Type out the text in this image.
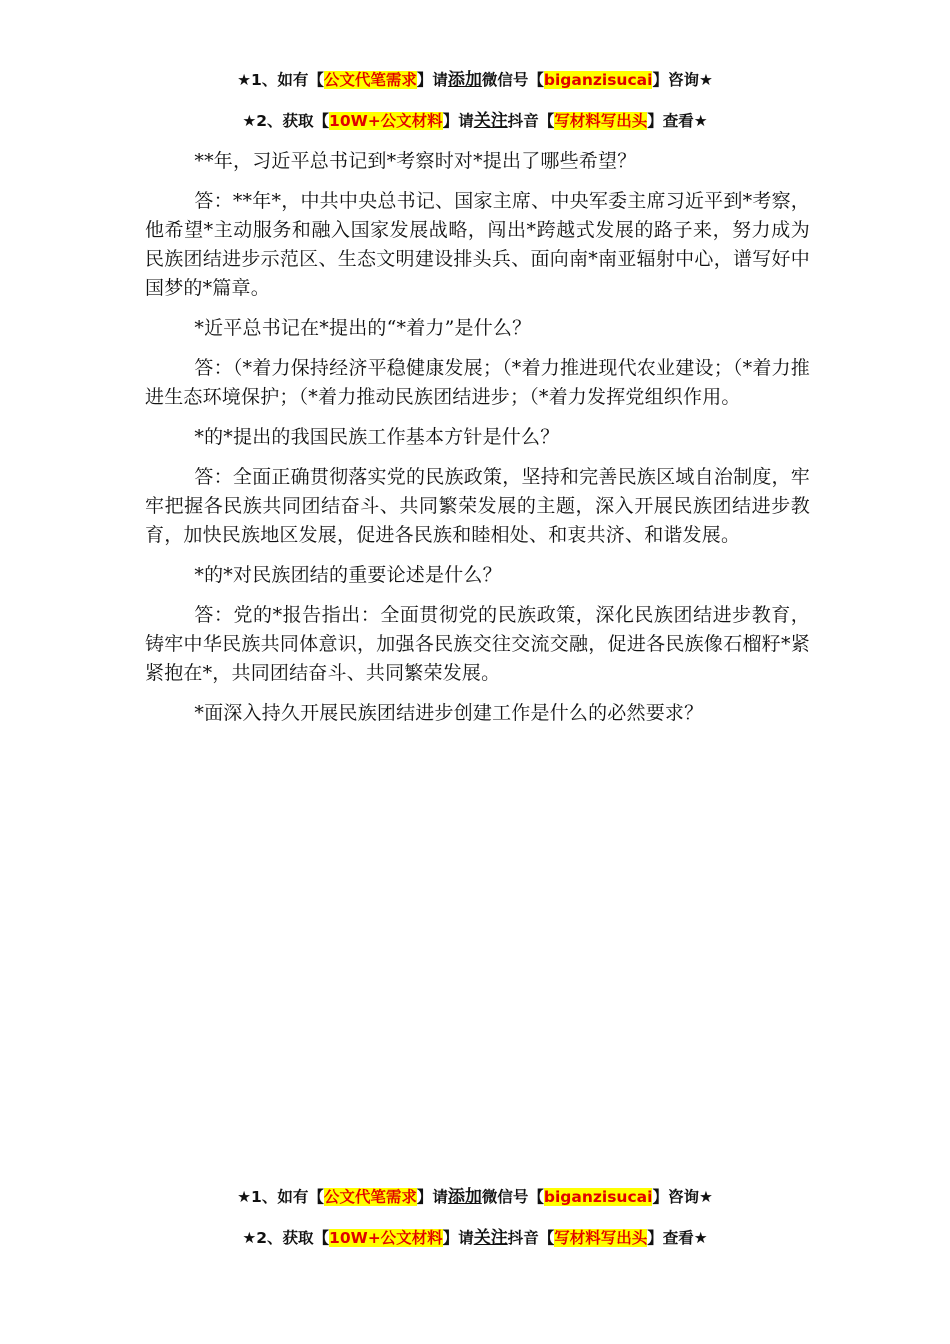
★1、如有【公文代笔需求】请添加微信号【biganzisucai】咨询★
★2、获取【10W+公文材料】请关注抖音【写材料写出头】查看★

**年，习近平总书记到*考察时对*提出了哪些希望？

答：**年*，中共中央总书记、国家主席、中央军委主席习近平到*考察，他希望*主动服务和融入国家发展战略，闯出*跨越式发展的路子来，努力成为民族团结进步示范区、生态文明建设排头兵、面向南*南亚辐射中心，谱写好中国梦的*篇章。

*近平总书记在*提出的“*着力”是什么？

答：（*着力保持经济平稳健康发展；（*着力推进现代农业建设；（*着力推进生态环境保护；（*着力推动民族团结进步；（*着力发挥党组织作用。

*的*提出的我国民族工作基本方针是什么？

答：全面正确贯彻落实党的民族政策，坚持和完善民族区域自治制度，牢牢把握各民族共同团结奋斗、共同繁荣发展的主题，深入开展民族团结进步教育，加快民族地区发展，促进各民族和睦相处、和衷共济、和谐发展。

*的*对民族团结的重要论述是什么？

答：党的*报告指出：全面贯彻党的民族政策，深化民族团结进步教育，铸牢中华民族共同体意识，加强各民族交往交流交融，促进各民族像石榴籽*紧紧抱在*，共同团结奋斗、共同繁荣发展。

*面深入持久开展民族团结进步创建工作是什么的必然要求？

★1、如有【公文代笔需求】请添加微信号【biganzisucai】咨询★
★2、获取【10W+公文材料】请关注抖音【写材料写出头】查看★
